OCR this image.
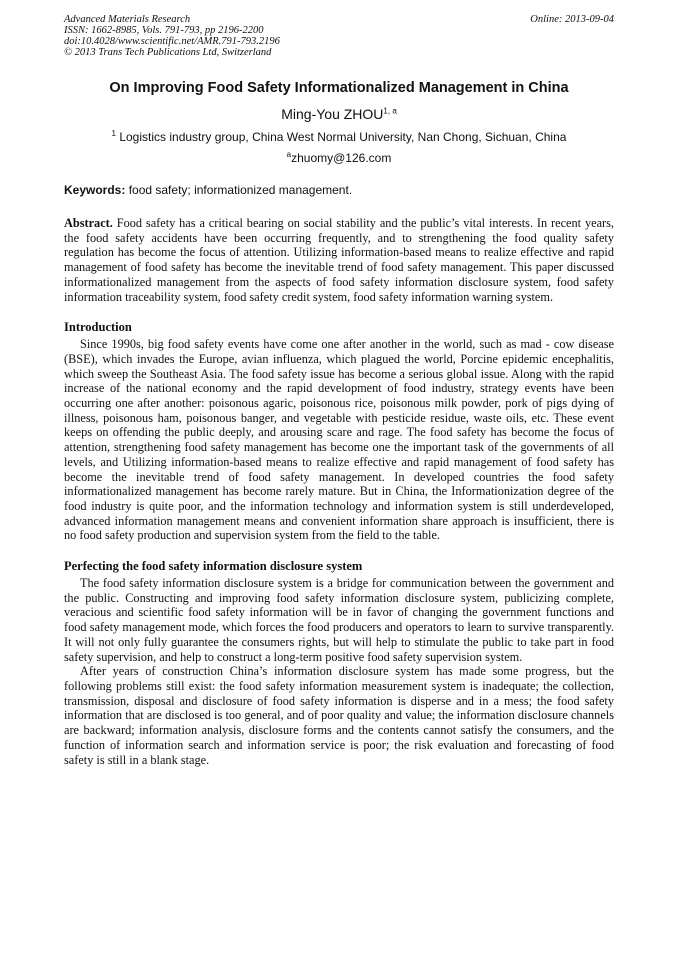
Advanced Materials Research
ISSN: 1662-8985, Vols. 791-793, pp 2196-2200
doi:10.4028/www.scientific.net/AMR.791-793.2196
© 2013 Trans Tech Publications Ltd, Switzerland
Online: 2013-09-04
On Improving Food Safety Informationalized Management in China
Ming-You ZHOU$^{1, a}$
$^1$ Logistics industry group, China West Normal University, Nan Chong, Sichuan, China
$^a$zhuomy@126.com
Keywords: food safety; informationized management.
Abstract. Food safety has a critical bearing on social stability and the public’s vital interests. In recent years, the food safety accidents have been occurring frequently, and to strengthening the food quality safety regulation has become the focus of attention. Utilizing information-based means to realize effective and rapid management of food safety has become the inevitable trend of food safety management. This paper discussed informationalized management from the aspects of food safety information disclosure system, food safety information traceability system, food safety credit system, food safety information warning system.
Introduction

Since 1990s, big food safety events have come one after another in the world, such as mad - cow disease (BSE), which invades the Europe, avian influenza, which plagued the world, Porcine epidemic encephalitis, which sweep the Southeast Asia. The food safety issue has become a serious global issue. Along with the rapid increase of the national economy and the rapid development of food industry, strategy events have been occurring one after another: poisonous agaric, poisonous rice, poisonous milk powder, pork of pigs dying of illness, poisonous ham, poisonous banger, and vegetable with pesticide residue, waste oils, etc. These event keeps on offending the public deeply, and arousing scare and rage. The food safety has become the focus of attention, strengthening food safety management has become one the important task of the governments of all levels, and Utilizing information-based means to realize effective and rapid management of food safety has become the inevitable trend of food safety management. In developed countries the food safety informationalized management has become rarely mature. But in China, the Informationization degree of the food industry is quite poor, and the information technology and information system is still underdeveloped, advanced information management means and convenient information share approach is insufficient, there is no food safety production and supervision system from the field to the table.

Perfecting the food safety information disclosure system

The food safety information disclosure system is a bridge for communication between the government and the public. Constructing and improving food safety information disclosure system, publicizing complete, veracious and scientific food safety information will be in favor of changing the government functions and food safety management mode, which forces the food producers and operators to learn to survive transparently. It will not only fully guarantee the consumers rights, but will help to stimulate the public to take part in food safety supervision, and help to construct a long-term positive food safety supervision system.

After years of construction China’s information disclosure system has made some progress, but the following problems still exist: the food safety information measurement system is inadequate; the collection, transmission, disposal and disclosure of food safety information is disperse and in a mess; the food safety information that are disclosed is too general, and of poor quality and value; the information disclosure channels are backward; information analysis, disclosure forms and the contents cannot satisfy the consumers, and the function of information search and information service is poor; the risk evaluation and forecasting of food safety is still in a blank stage.
